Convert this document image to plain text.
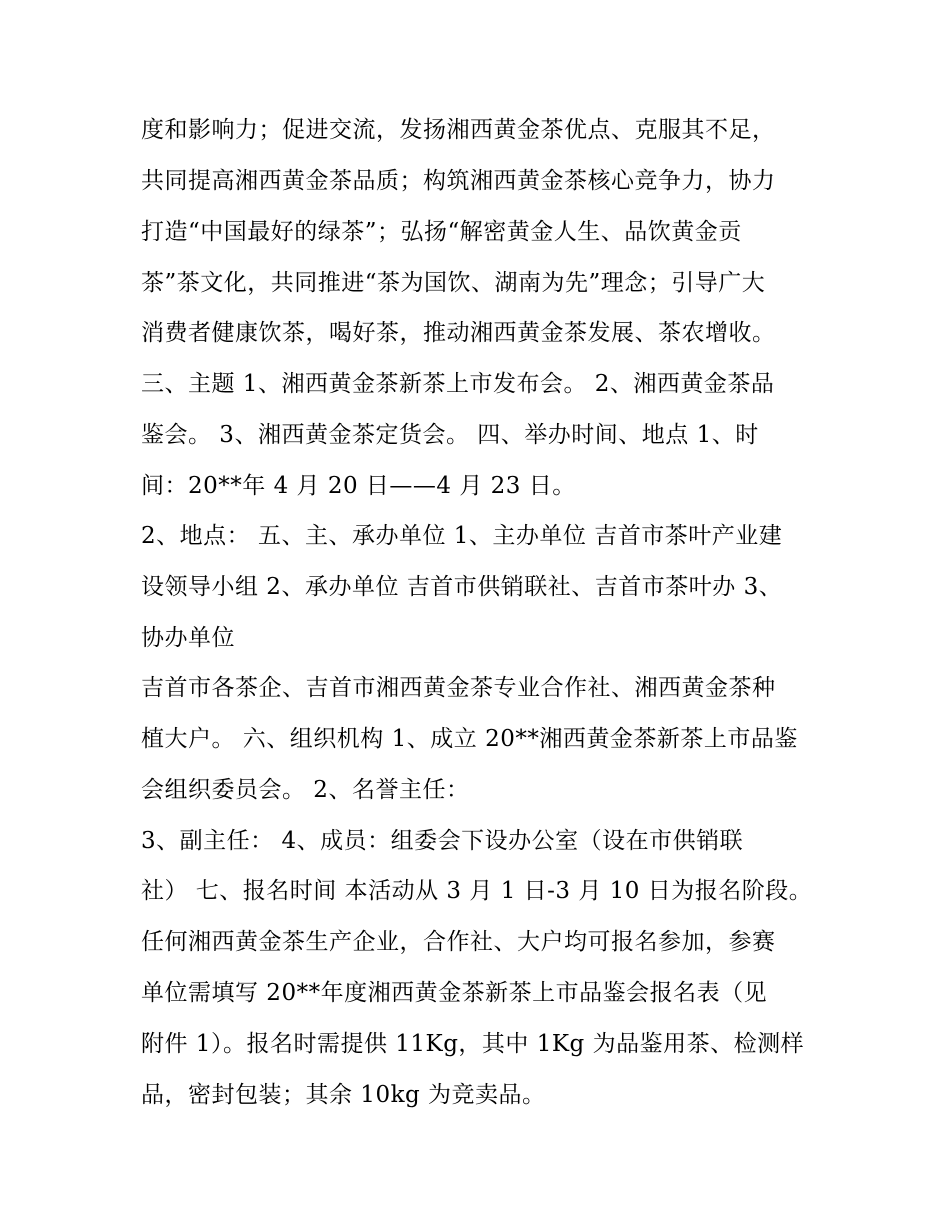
度和影响力；促进交流，发扬湘西黄金茶优点、克服其不足，
共同提高湘西黄金茶品质；构筑湘西黄金茶核心竞争力，协力
打造“中国最好的绿茶”；弘扬“解密黄金人生、品饮黄金贡
茶”茶文化，共同推进“茶为国饮、湖南为先”理念；引导广大
消费者健康饮茶，喝好茶，推动湘西黄金茶发展、茶农增收。
三、主题 1、湘西黄金茶新茶上市发布会。 2、湘西黄金茶品
鉴会。 3、湘西黄金茶定货会。 四、举办时间、地点 1、时
间：20**年 4 月 20 日——4 月 23 日。
2、地点： 五、主、承办单位 1、主办单位 吉首市茶叶产业建
设领导小组 2、承办单位 吉首市供销联社、吉首市茶叶办 3、
协办单位
吉首市各茶企、吉首市湘西黄金茶专业合作社、湘西黄金茶种
植大户。 六、组织机构 1、成立 20**湘西黄金茶新茶上市品鉴
会组织委员会。 2、名誉主任：
3、副主任： 4、成员：组委会下设办公室（设在市供销联
社） 七、报名时间 本活动从 3 月 1 日-3 月 10 日为报名阶段。
任何湘西黄金茶生产企业，合作社、大户均可报名参加，参赛
单位需填写 20**年度湘西黄金茶新茶上市品鉴会报名表（见
附件 1）。报名时需提供 11Kg，其中 1Kg 为品鉴用茶、检测样
品，密封包装；其余 10kg 为竞卖品。
